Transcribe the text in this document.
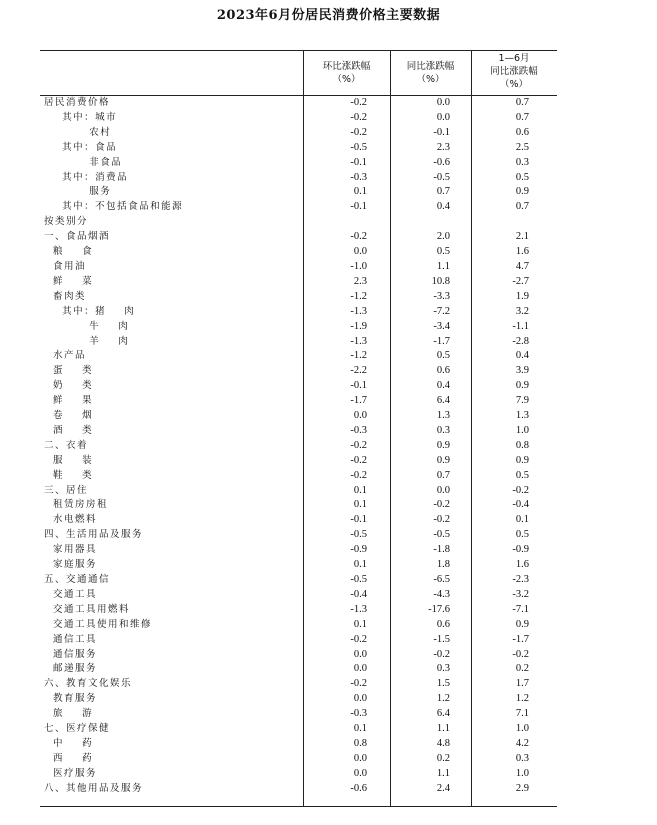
2023年6月份居民消费价格主要数据
环比涨跌幅
（%）
同比涨跌幅
（%）
1—6月
同比涨跌幅
（%）
居民消费价格	-0.2	0.0	0.7
其中：城市	-0.2	0.0	0.7
农村	-0.2	-0.1	0.6
其中：食品	-0.5	2.3	2.5
非食品	-0.1	-0.6	0.3
其中：消费品	-0.3	-0.5	0.5
服务	0.1	0.7	0.9
其中：不包括食品和能源	-0.1	0.4	0.7
按类别分
一、食品烟酒	-0.2	2.0	2.1
粮    食	0.0	0.5	1.6
食用油	-1.0	1.1	4.7
鲜    菜	2.3	10.8	-2.7
畜肉类	-1.2	-3.3	1.9
其中：猪    肉	-1.3	-7.2	3.2
牛    肉	-1.9	-3.4	-1.1
羊    肉	-1.3	-1.7	-2.8
水产品	-1.2	0.5	0.4
蛋    类	-2.2	0.6	3.9
奶    类	-0.1	0.4	0.9
鲜    果	-1.7	6.4	7.9
卷    烟	0.0	1.3	1.3
酒    类	-0.3	0.3	1.0
二、衣着	-0.2	0.9	0.8
服    装	-0.2	0.9	0.9
鞋    类	-0.2	0.7	0.5
三、居住	0.1	0.0	-0.2
租赁房房租	0.1	-0.2	-0.4
水电燃料	-0.1	-0.2	0.1
四、生活用品及服务	-0.5	-0.5	0.5
家用器具	-0.9	-1.8	-0.9
家庭服务	0.1	1.8	1.6
五、交通通信	-0.5	-6.5	-2.3
交通工具	-0.4	-4.3	-3.2
交通工具用燃料	-1.3	-17.6	-7.1
交通工具使用和维修	0.1	0.6	0.9
通信工具	-0.2	-1.5	-1.7
通信服务	0.0	-0.2	-0.2
邮递服务	0.0	0.3	0.2
六、教育文化娱乐	-0.2	1.5	1.7
教育服务	0.0	1.2	1.2
旅    游	-0.3	6.4	7.1
七、医疗保健	0.1	1.1	1.0
中    药	0.8	4.8	4.2
西    药	0.0	0.2	0.3
医疗服务	0.0	1.1	1.0
八、其他用品及服务	-0.6	2.4	2.9
